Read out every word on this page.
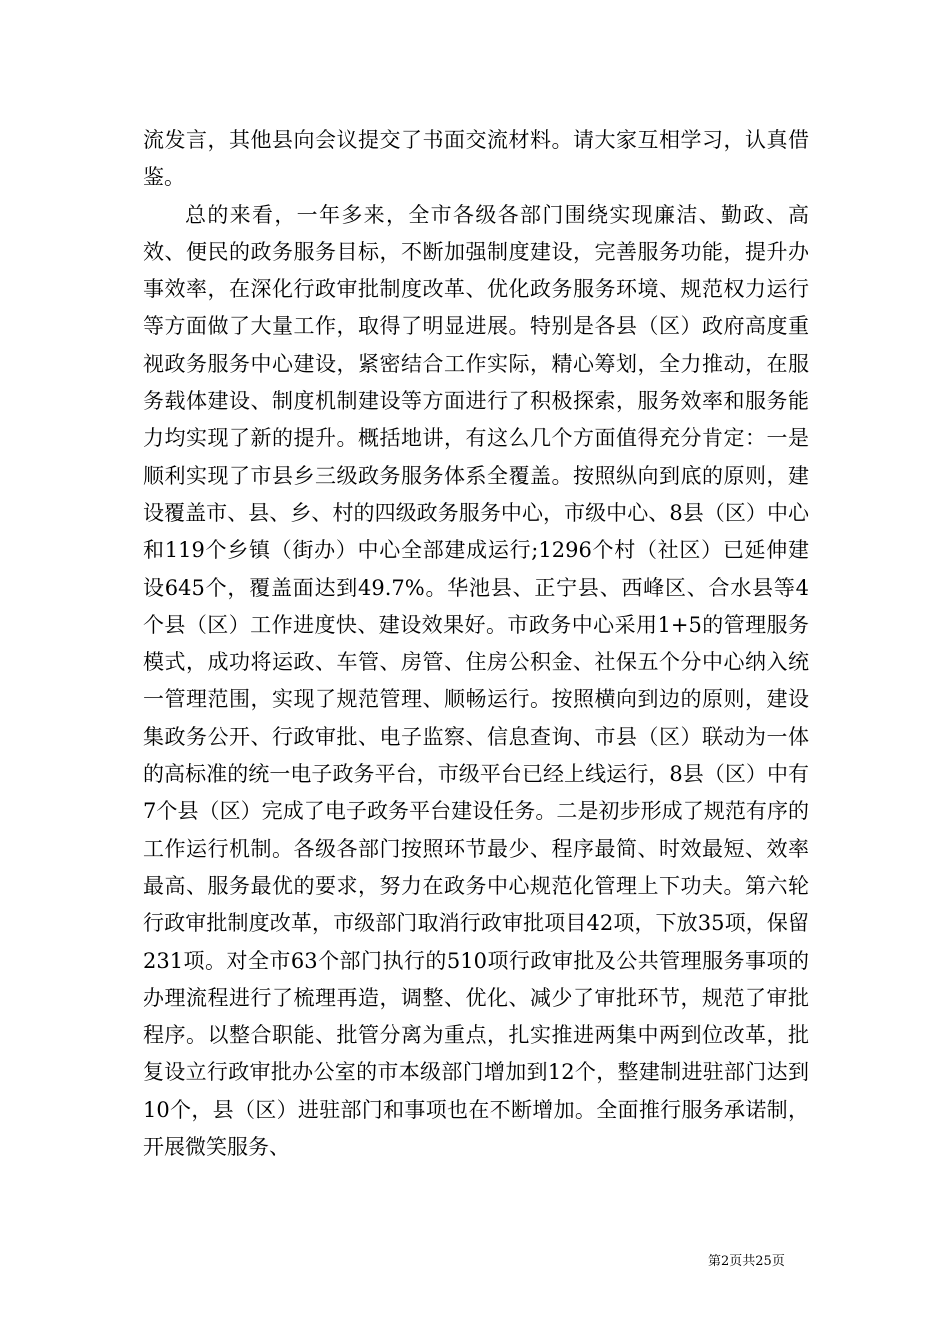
流发言，其他县向会议提交了书面交流材料。请大家互相学习，认真借鉴。

总的来看，一年多来，全市各级各部门围绕实现廉洁、勤政、高效、便民的政务服务目标，不断加强制度建设，完善服务功能，提升办事效率，在深化行政审批制度改革、优化政务服务环境、规范权力运行等方面做了大量工作，取得了明显进展。特别是各县（区）政府高度重视政务服务中心建设，紧密结合工作实际，精心筹划，全力推动，在服务载体建设、制度机制建设等方面进行了积极探索，服务效率和服务能力均实现了新的提升。概括地讲，有这么几个方面值得充分肯定：一是顺利实现了市县乡三级政务服务体系全覆盖。按照纵向到底的原则，建设覆盖市、县、乡、村的四级政务服务中心，市级中心、8县（区）中心和119个乡镇（街办）中心全部建成运行;1296个村（社区）已延伸建设645个，覆盖面达到49.7%。华池县、正宁县、西峰区、合水县等4个县（区）工作进度快、建设效果好。市政务中心采用1+5的管理服务模式，成功将运政、车管、房管、住房公积金、社保五个分中心纳入统一管理范围，实现了规范管理、顺畅运行。按照横向到边的原则，建设集政务公开、行政审批、电子监察、信息查询、市县（区）联动为一体的高标准的统一电子政务平台，市级平台已经上线运行，8县（区）中有7个县（区）完成了电子政务平台建设任务。二是初步形成了规范有序的工作运行机制。各级各部门按照环节最少、程序最简、时效最短、效率最高、服务最优的要求，努力在政务中心规范化管理上下功夫。第六轮行政审批制度改革，市级部门取消行政审批项目42项，下放35项，保留231项。对全市63个部门执行的510项行政审批及公共管理服务事项的办理流程进行了梳理再造，调整、优化、减少了审批环节，规范了审批程序。以整合职能、批管分离为重点，扎实推进两集中两到位改革，批复设立行政审批办公室的市本级部门增加到12个，整建制进驻部门达到10个，县（区）进驻部门和事项也在不断增加。全面推行服务承诺制，开展微笑服务、

第2页共25页
